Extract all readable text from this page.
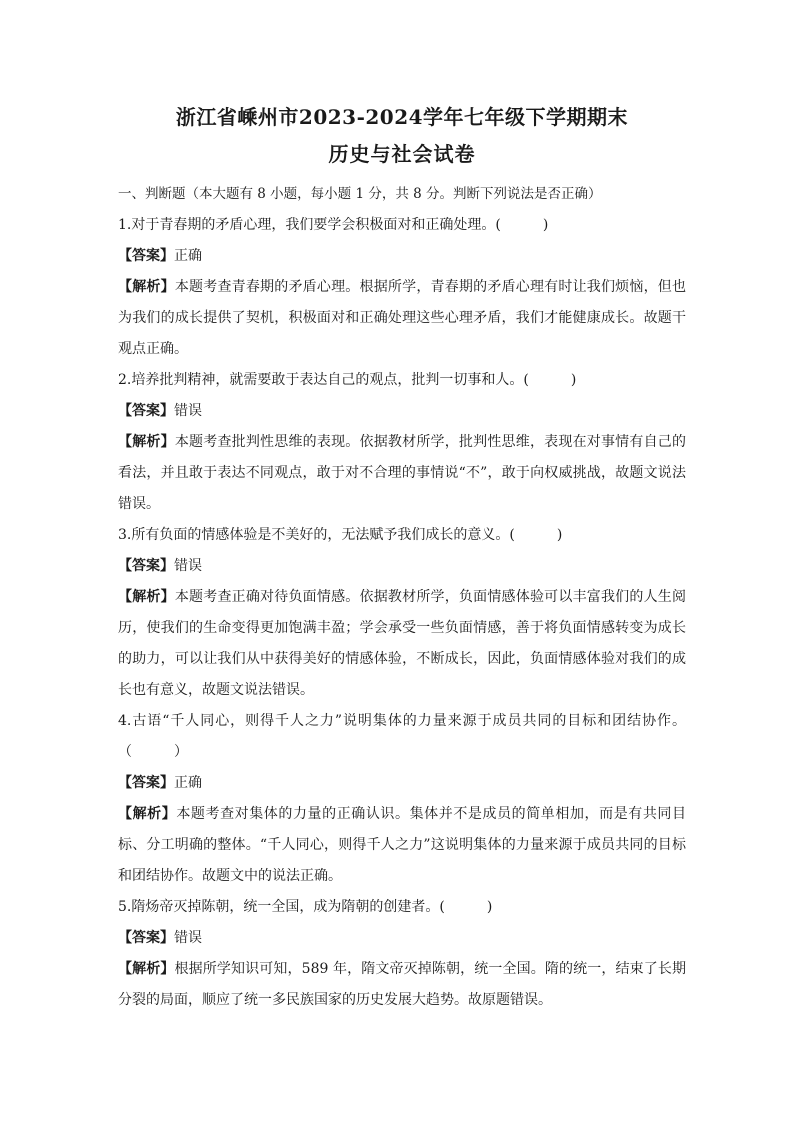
浙江省嵊州市2023-2024学年七年级下学期期末
历史与社会试卷

一、判断题（本大题有 8 小题，每小题 1 分，共 8 分。判断下列说法是否正确）

1.对于青春期的矛盾心理，我们要学会积极面对和正确处理。(　　　)

【答案】正确

【解析】本题考查青春期的矛盾心理。根据所学，青春期的矛盾心理有时让我们烦恼，但也为我们的成长提供了契机，积极面对和正确处理这些心理矛盾，我们才能健康成长。故题干观点正确。

2.培养批判精神，就需要敢于表达自己的观点，批判一切事和人。(　　　)

【答案】错误

【解析】本题考查批判性思维的表现。依据教材所学，批判性思维，表现在对事情有自己的看法，并且敢于表达不同观点，敢于对不合理的事情说“不”，敢于向权威挑战，故题文说法错误。

3.所有负面的情感体验是不美好的，无法赋予我们成长的意义。(　　　)

【答案】错误

【解析】本题考查正确对待负面情感。依据教材所学，负面情感体验可以丰富我们的人生阅历，使我们的生命变得更加饱满丰盈；学会承受一些负面情感，善于将负面情感转变为成长的助力，可以让我们从中获得美好的情感体验，不断成长，因此，负面情感体验对我们的成长也有意义，故题文说法错误。

4.古语“千人同心，则得千人之力”说明集体的力量来源于成员共同的目标和团结协作。（　　　）

【答案】正确

【解析】本题考查对集体的力量的正确认识。集体并不是成员的简单相加，而是有共同目标、分工明确的整体。“千人同心，则得千人之力”这说明集体的力量来源于成员共同的目标和团结协作。故题文中的说法正确。

5.隋炀帝灭掉陈朝，统一全国，成为隋朝的创建者。(　　　)

【答案】错误

【解析】根据所学知识可知，589 年，隋文帝灭掉陈朝，统一全国。隋的统一，结束了长期分裂的局面，顺应了统一多民族国家的历史发展大趋势。故原题错误。
